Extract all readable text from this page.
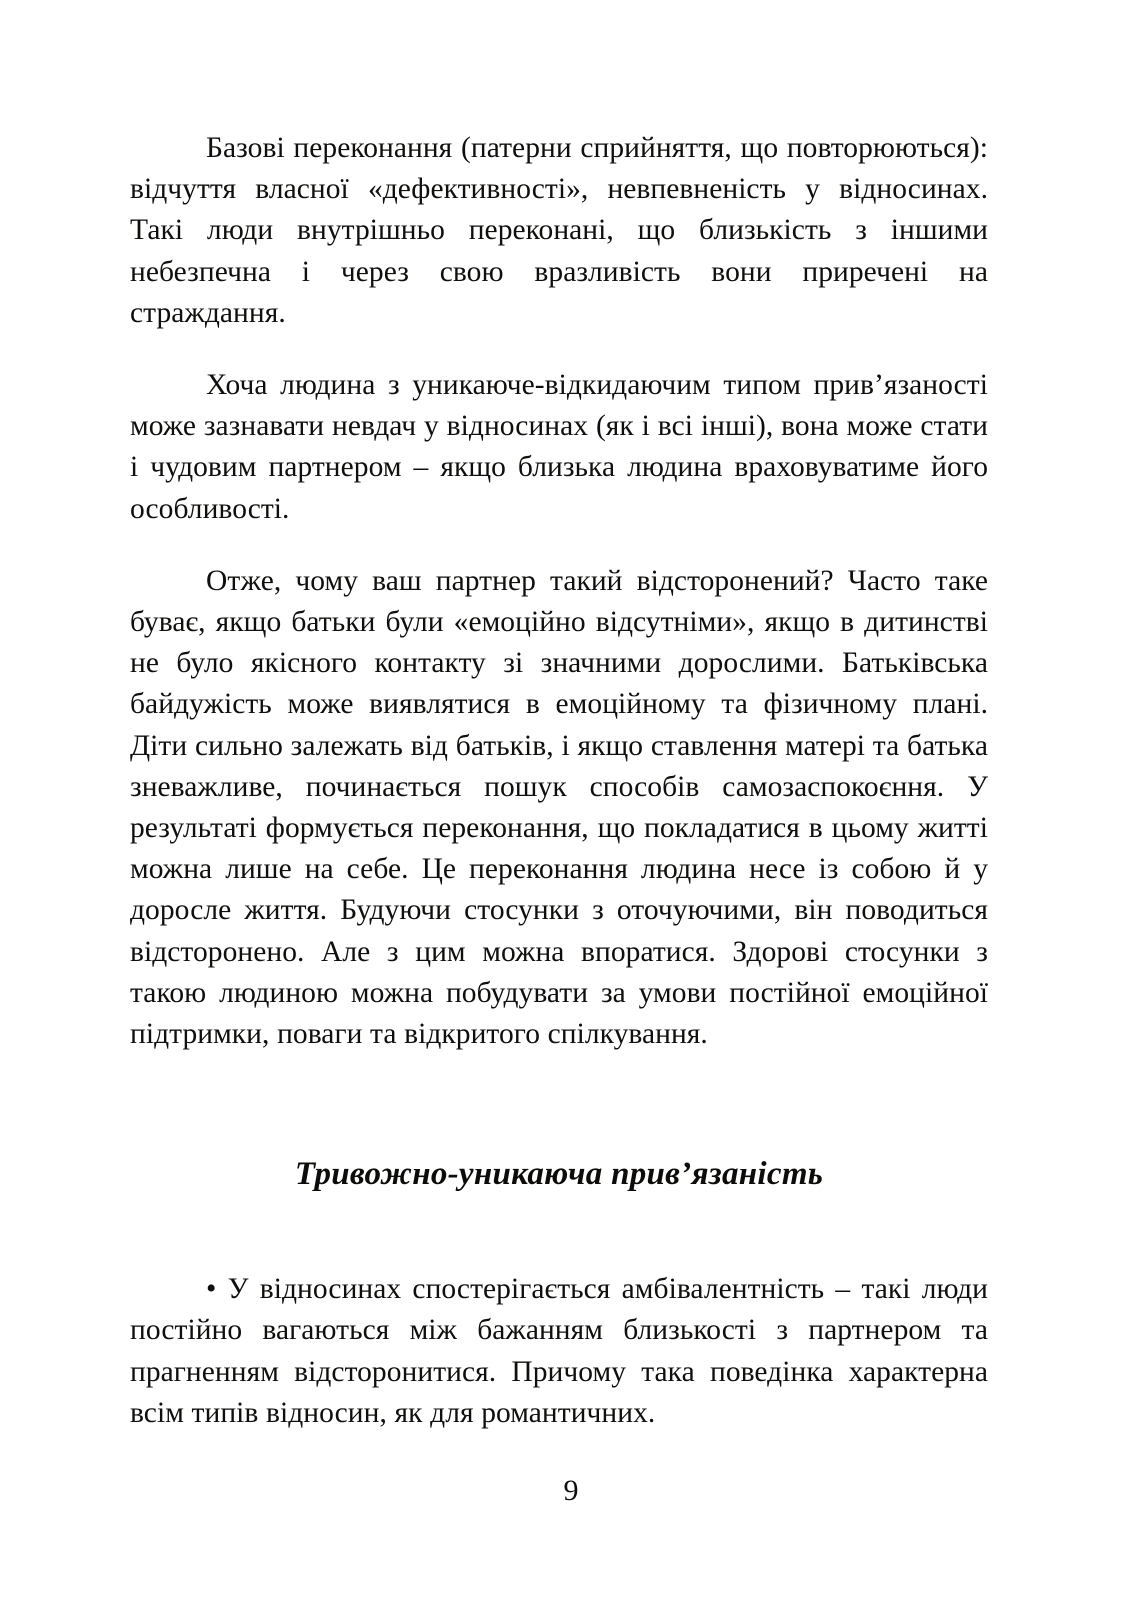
Базові переконання (патерни сприйняття, що повторюються): відчуття власної «дефективності», невпевненість у відносинах. Такі люди внутрішньо переконані, що близькість з іншими небезпечна і через свою вразливість вони приречені на страждання.

Хоча людина з уникаюче-відкидаючим типом прив’язаності може зазнавати невдач у відносинах (як і всі інші), вона може стати і чудовим партнером – якщо близька людина враховуватиме його особливості.

Отже, чому ваш партнер такий відсторонений? Часто таке буває, якщо батьки були «емоційно відсутніми», якщо в дитинстві не було якісного контакту зі значними дорослими. Батьківська байдужість може виявлятися в емоційному та фізичному плані. Діти сильно залежать від батьків, і якщо ставлення матері та батька зневажливе, починається пошук способів самозаспокоєння. У результаті формується переконання, що покладатися в цьому житті можна лише на себе. Це переконання людина несе із собою й у доросле життя. Будуючи стосунки з оточуючими, він поводиться відсторонено. Але з цим можна впоратися. Здорові стосунки з такою людиною можна побудувати за умови постійної емоційної підтримки, поваги та відкритого спілкування.

Тривожно-уникаюча прив’язаність

• У відносинах спостерігається амбівалентність – такі люди постійно вагаються між бажанням близькості з партнером та прагненням відсторонитися. Причому така поведінка характерна всім типів відносин, як для романтичних.

9
